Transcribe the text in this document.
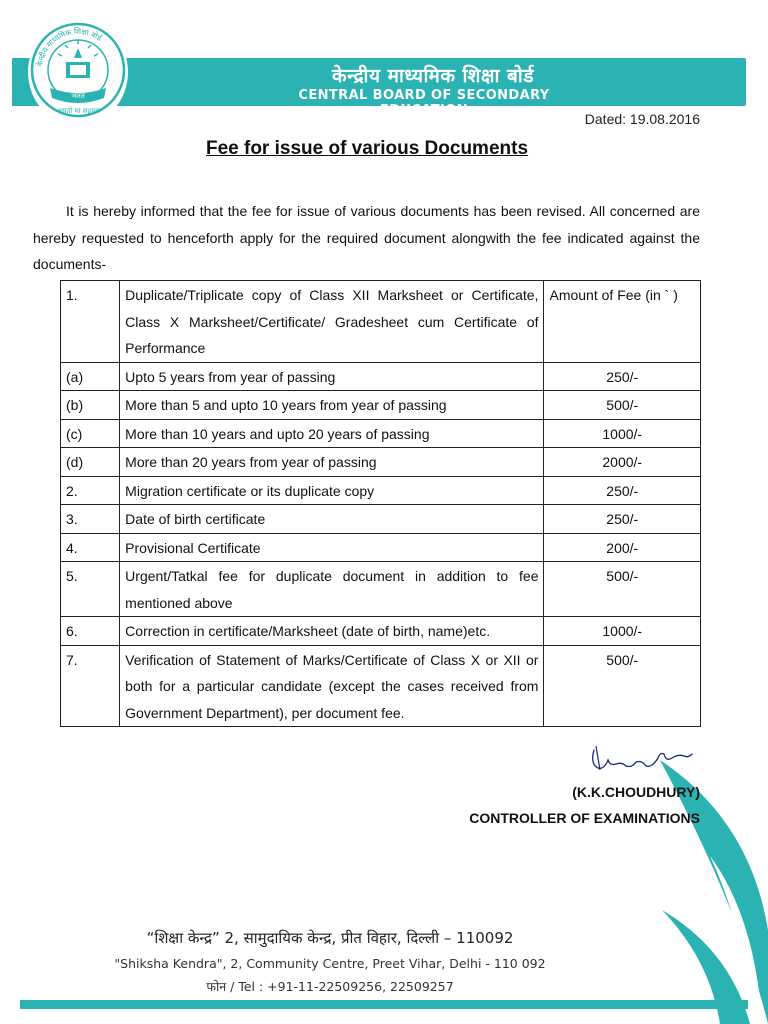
केन्द्रीय माध्यमिक शिक्षा बोर्ड
CENTRAL BOARD OF SECONDARY EDUCATION
केन्द्रीय माध्यमिक शिक्षा बोर्ड
भारत
असतो मा सद्गमय	Dated: 19.08.2016
Fee for issue of various Documents

It is hereby informed that the fee for issue of various documents has been revised. All concerned are hereby requested to henceforth apply for the required document alongwith the fee indicated against the documents-

1.	Duplicate/Triplicate copy of Class XII Marksheet or Certificate, Class X Marksheet/Certificate/ Gradesheet cum Certificate of Performance	Amount of Fee (in ` )
(a)	Upto 5 years from year of passing	250/-
(b)	More than 5 and upto 10 years from year of passing	500/-
(c)	More than 10 years and upto 20 years of passing	1000/-
(d)	More than 20 years from year of passing	2000/-
2.	Migration certificate or its duplicate copy	250/-
3.	Date of birth certificate	250/-
4.	Provisional Certificate	200/-
5.	Urgent/Tatkal fee for duplicate document in addition to fee mentioned above	500/-
6.	Correction in certificate/Marksheet (date of birth, name)etc.	1000/-
7.	Verification of Statement of Marks/Certificate of Class X or XII or both for a particular candidate (except the cases received from Government Department), per document fee.	500/-
(K.K.CHOUDHURY)
CONTROLLER OF EXAMINATIONS
“शिक्षा केन्द्र” 2, सामुदायिक केन्द्र, प्रीत विहार, दिल्ली – 110092
"Shiksha Kendra", 2, Community Centre, Preet Vihar, Delhi - 110 092
फोन / Tel : +91-11-22509256, 22509257
